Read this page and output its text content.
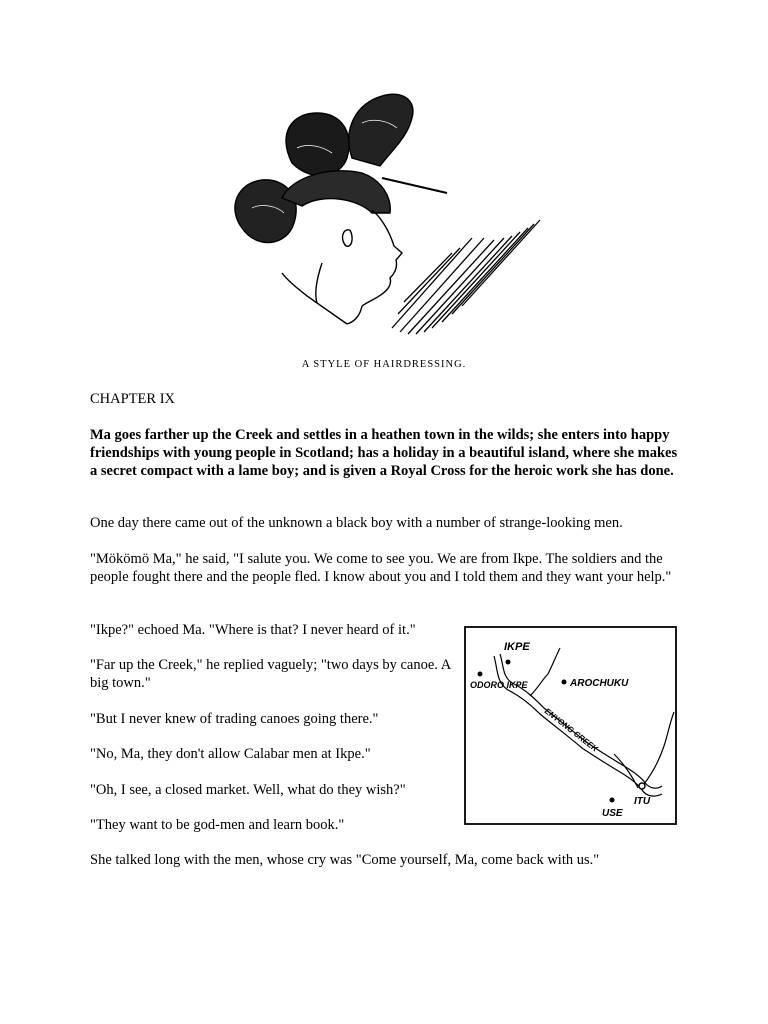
A STYLE OF HAIRDRESSING.
CHAPTER IX
Ma goes farther up the Creek and settles in a heathen town in the wilds; she enters into happy friendships with young people in Scotland; has a holiday in a beautiful island, where she makes a secret compact with a lame boy; and is given a Royal Cross for the heroic work she has done.
One day there came out of the unknown a black boy with a number of strange-looking men.
"Mökömö Ma," he said, "I salute you. We come to see you. We are from Ikpe. The soldiers and the people fought there and the people fled. I know about you and I told them and they want your help."
"Ikpe?" echoed Ma. "Where is that? I never heard of it."
"Far up the Creek," he replied vaguely; "two days by canoe. A big town."
"But I never knew of trading canoes going there."
"No, Ma, they don't allow Calabar men at Ikpe."
"Oh, I see, a closed market. Well, what do they wish?"
"They want to be god-men and learn book."
She talked long with the men, whose cry was "Come yourself, Ma, come back with us."
IKPE
ODORO IKPE	AROCHUKU
ENYONG CREEK
ITU
USE
